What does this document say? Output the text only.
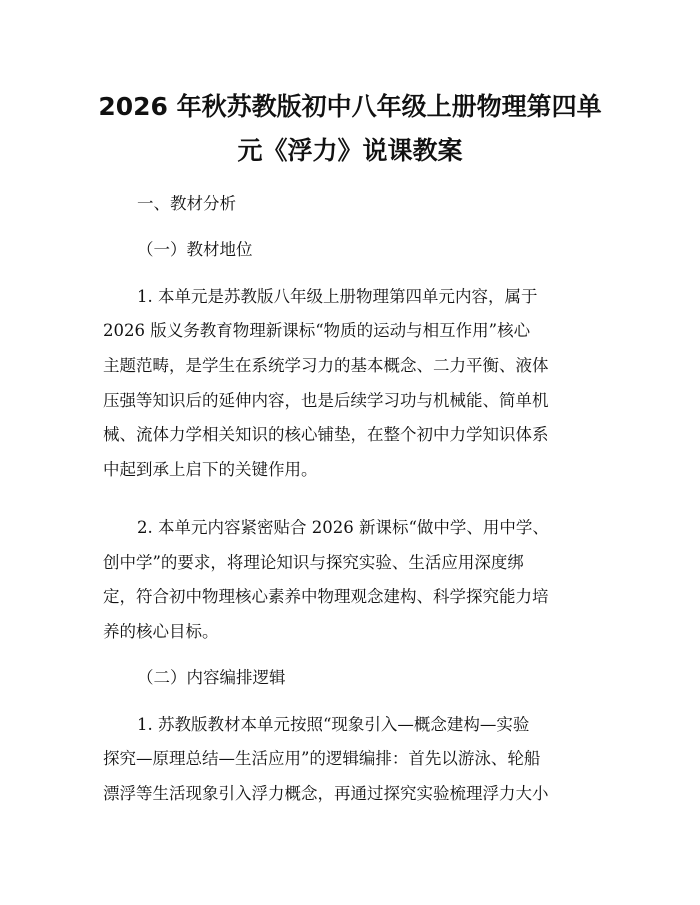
2026 年秋苏教版初中八年级上册物理第四单
元《浮力》说课教案

一、教材分析

（一）教材地位

1. 本单元是苏教版八年级上册物理第四单元内容，属于

2026 版义务教育物理新课标“物质的运动与相互作用”核心

主题范畴，是学生在系统学习力的基本概念、二力平衡、液体

压强等知识后的延伸内容，也是后续学习功与机械能、简单机

械、流体力学相关知识的核心铺垫，在整个初中力学知识体系

中起到承上启下的关键作用。

2. 本单元内容紧密贴合 2026 新课标“做中学、用中学、

创中学”的要求，将理论知识与探究实验、生活应用深度绑

定，符合初中物理核心素养中物理观念建构、科学探究能力培

养的核心目标。

（二）内容编排逻辑

1. 苏教版教材本单元按照“现象引入—概念建构—实验

探究—原理总结—生活应用”的逻辑编排：首先以游泳、轮船

漂浮等生活现象引入浮力概念，再通过探究实验梳理浮力大小
